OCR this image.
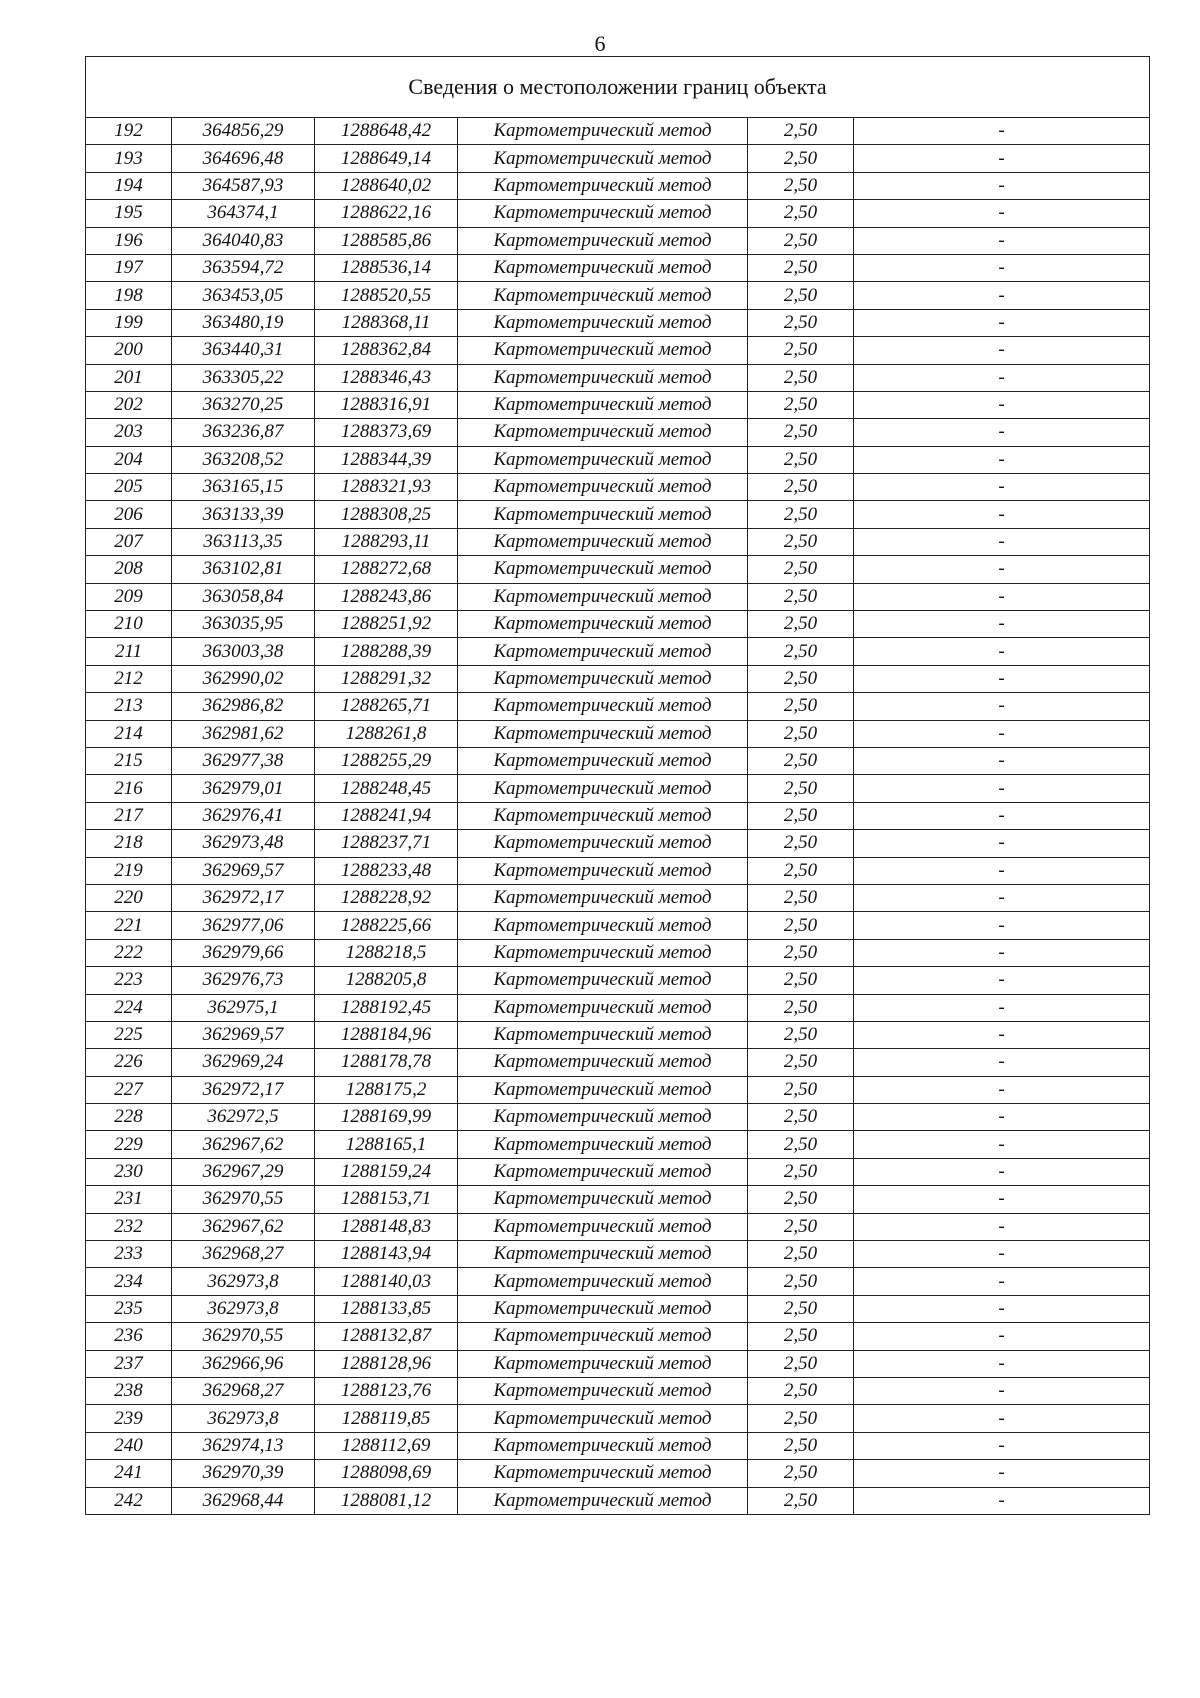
6
Сведения о местоположении границ объекта					
192	364856,29	1288648,42	Картометрический метод	2,50	-
193	364696,48	1288649,14	Картометрический метод	2,50	-
194	364587,93	1288640,02	Картометрический метод	2,50	-
195	364374,1	1288622,16	Картометрический метод	2,50	-
196	364040,83	1288585,86	Картометрический метод	2,50	-
197	363594,72	1288536,14	Картометрический метод	2,50	-
198	363453,05	1288520,55	Картометрический метод	2,50	-
199	363480,19	1288368,11	Картометрический метод	2,50	-
200	363440,31	1288362,84	Картометрический метод	2,50	-
201	363305,22	1288346,43	Картометрический метод	2,50	-
202	363270,25	1288316,91	Картометрический метод	2,50	-
203	363236,87	1288373,69	Картометрический метод	2,50	-
204	363208,52	1288344,39	Картометрический метод	2,50	-
205	363165,15	1288321,93	Картометрический метод	2,50	-
206	363133,39	1288308,25	Картометрический метод	2,50	-
207	363113,35	1288293,11	Картометрический метод	2,50	-
208	363102,81	1288272,68	Картометрический метод	2,50	-
209	363058,84	1288243,86	Картометрический метод	2,50	-
210	363035,95	1288251,92	Картометрический метод	2,50	-
211	363003,38	1288288,39	Картометрический метод	2,50	-
212	362990,02	1288291,32	Картометрический метод	2,50	-
213	362986,82	1288265,71	Картометрический метод	2,50	-
214	362981,62	1288261,8	Картометрический метод	2,50	-
215	362977,38	1288255,29	Картометрический метод	2,50	-
216	362979,01	1288248,45	Картометрический метод	2,50	-
217	362976,41	1288241,94	Картометрический метод	2,50	-
218	362973,48	1288237,71	Картометрический метод	2,50	-
219	362969,57	1288233,48	Картометрический метод	2,50	-
220	362972,17	1288228,92	Картометрический метод	2,50	-
221	362977,06	1288225,66	Картометрический метод	2,50	-
222	362979,66	1288218,5	Картометрический метод	2,50	-
223	362976,73	1288205,8	Картометрический метод	2,50	-
224	362975,1	1288192,45	Картометрический метод	2,50	-
225	362969,57	1288184,96	Картометрический метод	2,50	-
226	362969,24	1288178,78	Картометрический метод	2,50	-
227	362972,17	1288175,2	Картометрический метод	2,50	-
228	362972,5	1288169,99	Картометрический метод	2,50	-
229	362967,62	1288165,1	Картометрический метод	2,50	-
230	362967,29	1288159,24	Картометрический метод	2,50	-
231	362970,55	1288153,71	Картометрический метод	2,50	-
232	362967,62	1288148,83	Картометрический метод	2,50	-
233	362968,27	1288143,94	Картометрический метод	2,50	-
234	362973,8	1288140,03	Картометрический метод	2,50	-
235	362973,8	1288133,85	Картометрический метод	2,50	-
236	362970,55	1288132,87	Картометрический метод	2,50	-
237	362966,96	1288128,96	Картометрический метод	2,50	-
238	362968,27	1288123,76	Картометрический метод	2,50	-
239	362973,8	1288119,85	Картометрический метод	2,50	-
240	362974,13	1288112,69	Картометрический метод	2,50	-
241	362970,39	1288098,69	Картометрический метод	2,50	-
242	362968,44	1288081,12	Картометрический метод	2,50	-
